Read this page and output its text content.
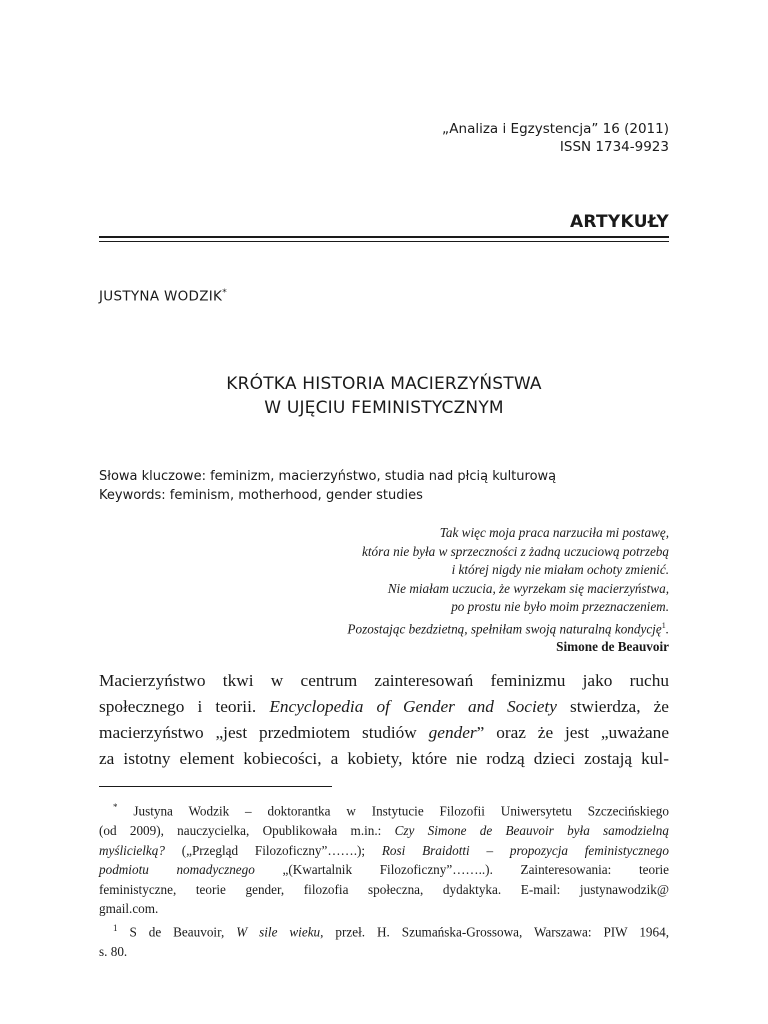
„Analiza i Egzystencja” 16 (2011)
ISSN 1734-9923
ARTYKUŁY
JUSTYNA WODZIK*
KRÓTKA HISTORIA MACIERZYŃSTWA
W UJĘCIU FEMINISTYCZNYM
Słowa kluczowe: feminizm, macierzyństwo, studia nad płcią kulturową
Keywords: feminism, motherhood, gender studies
Tak więc moja praca narzuciła mi postawę,
która nie była w sprzeczności z żadną uczuciową potrzebą
i której nigdy nie miałam ochoty zmienić.
Nie miałam uczucia, że wyrzekam się macierzyństwa,
po prostu nie było moim przeznaczeniem.
Pozostając bezdzietną, spełniłam swoją naturalną kondycję$^1$.
Simone de Beauvoir
Macierzyństwo tkwi w centrum zainteresowań feminizmu jako ruchu
społecznego i teorii. Encyclopedia of Gender and Society stwierdza, że
macierzyństwo „jest przedmiotem studiów gender” oraz że jest „uważane
za istotny element kobiecości, a kobiety, które nie rodzą dzieci zostają kul-
* Justyna Wodzik – doktorantka w Instytucie Filozofii Uniwersytetu Szczecińskiego
(od 2009), nauczycielka, Opublikowała m.in.: Czy Simone de Beauvoir była samodzielną
myślicielką? („Przegląd Filozoficzny”…….); Rosi Braidotti – propozycja feministycznego
podmiotu nomadycznego „(Kwartalnik Filozoficzny”……..). Zainteresowania: teorie
feministyczne, teorie gender, filozofia społeczna, dydaktyka. E-mail: justynawodzik@
gmail.com.
$^1$ S de Beauvoir, W sile wieku, przeł. H. Szumańska-Grossowa, Warszawa: PIW 1964,
s. 80.
